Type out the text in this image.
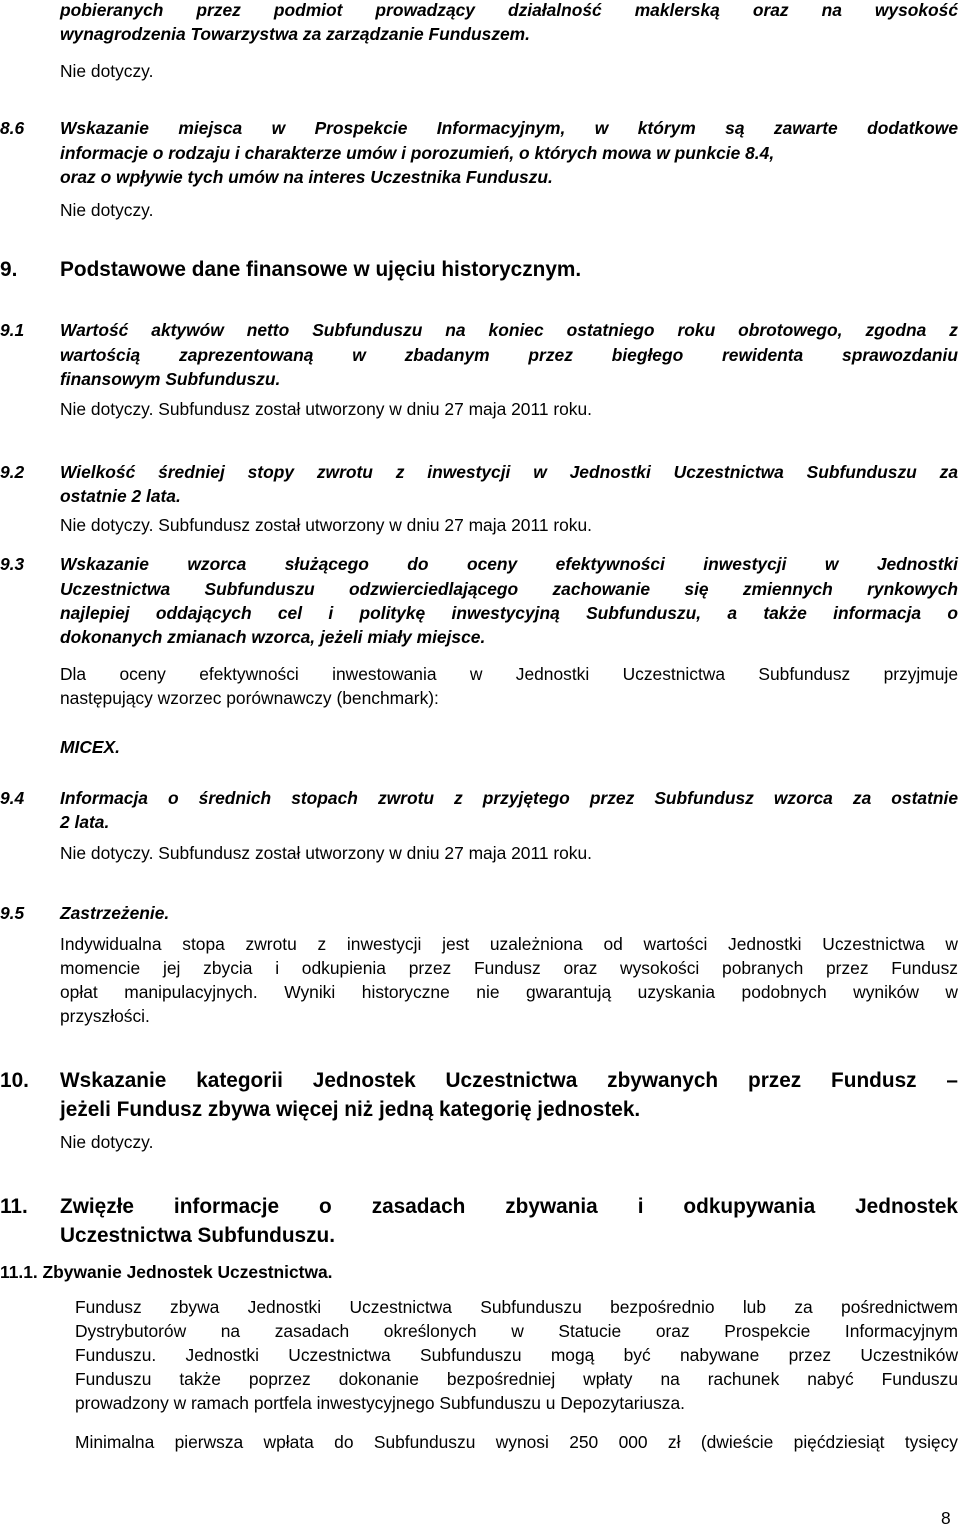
pobieranych przez podmiot prowadzący działalność maklerską oraz na wysokość
wynagrodzenia Towarzystwa za zarządzanie Funduszem.
Nie dotyczy.
8.6 Wskazanie miejsca w Prospekcie Informacyjnym, w którym są zawarte dodatkowe
informacje o rodzaju i charakterze umów i porozumień, o których mowa w punkcie 8.4,
oraz o wpływie tych umów na interes Uczestnika Funduszu.
Nie dotyczy.
9. Podstawowe dane finansowe w ujęciu historycznym.
9.1 Wartość aktywów netto Subfunduszu na koniec ostatniego roku obrotowego, zgodna z
wartością zaprezentowaną w zbadanym przez biegłego rewidenta sprawozdaniu
finansowym Subfunduszu.
Nie dotyczy. Subfundusz został utworzony w dniu 27 maja 2011 roku.
9.2 Wielkość średniej stopy zwrotu z inwestycji w Jednostki Uczestnictwa Subfunduszu za
ostatnie 2 lata.
Nie dotyczy. Subfundusz został utworzony w dniu 27 maja 2011 roku.
9.3 Wskazanie wzorca służącego do oceny efektywności inwestycji w Jednostki
Uczestnictwa Subfunduszu odzwierciedlającego zachowanie się zmiennych rynkowych
najlepiej oddających cel i politykę inwestycyjną Subfunduszu, a także informacja o
dokonanych zmianach wzorca, jeżeli miały miejsce.
Dla oceny efektywności inwestowania w Jednostki Uczestnictwa Subfundusz przyjmuje
następujący wzorzec porównawczy (benchmark):
MICEX.
9.4 Informacja o średnich stopach zwrotu z przyjętego przez Subfundusz wzorca za ostatnie
2 lata.
Nie dotyczy. Subfundusz został utworzony w dniu 27 maja 2011 roku.
9.5 Zastrzeżenie.
Indywidualna stopa zwrotu z inwestycji jest uzależniona od wartości Jednostki Uczestnictwa w
momencie jej zbycia i odkupienia przez Fundusz oraz wysokości pobranych przez Fundusz
opłat manipulacyjnych. Wyniki historyczne nie gwarantują uzyskania podobnych wyników w
przyszłości.
10. Wskazanie kategorii Jednostek Uczestnictwa zbywanych przez Fundusz –
jeżeli Fundusz zbywa więcej niż jedną kategorię jednostek.
Nie dotyczy.
11. Zwięzłe informacje o zasadach zbywania i odkupywania Jednostek
Uczestnictwa Subfunduszu.
11.1. Zbywanie Jednostek Uczestnictwa.
Fundusz zbywa Jednostki Uczestnictwa Subfunduszu bezpośrednio lub za pośrednictwem
Dystrybutorów na zasadach określonych w Statucie oraz Prospekcie Informacyjnym
Funduszu. Jednostki Uczestnictwa Subfunduszu mogą być nabywane przez Uczestników
Funduszu także poprzez dokonanie bezpośredniej wpłaty na rachunek nabyć Funduszu
prowadzony w ramach portfela inwestycyjnego Subfunduszu u Depozytariusza.
Minimalna pierwsza wpłata do Subfunduszu wynosi 250 000 zł (dwieście pięćdziesiąt tysięcy
8
